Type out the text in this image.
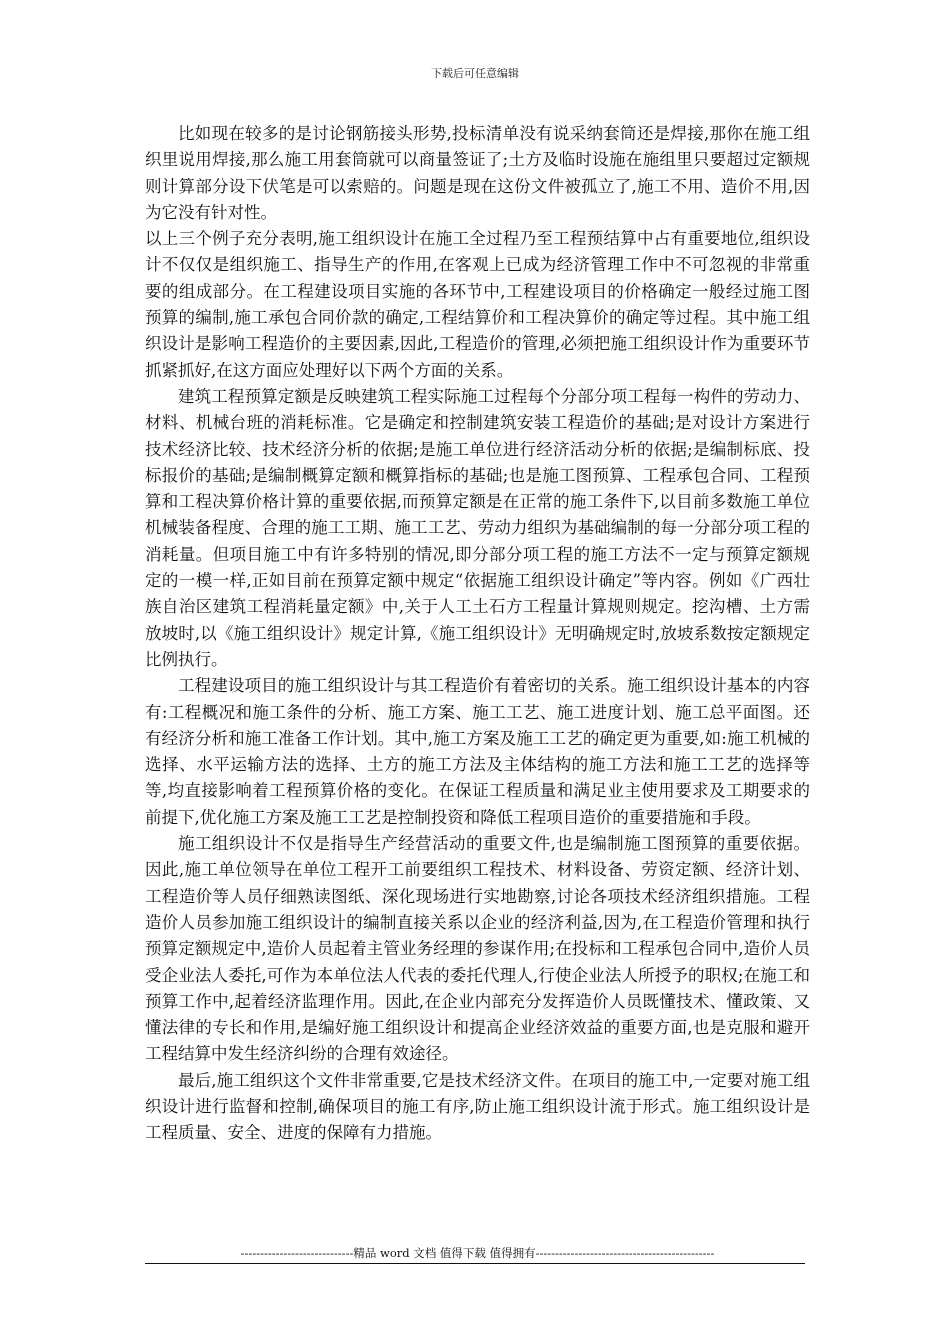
下载后可任意编辑

比如现在较多的是讨论钢筋接头形势,投标清单没有说采纳套筒还是焊接,那你在施工组织里说用焊接,那么施工用套筒就可以商量签证了;土方及临时设施在施组里只要超过定额规则计算部分设下伏笔是可以索赔的。问题是现在这份文件被孤立了,施工不用、造价不用,因为它没有针对性。

以上三个例子充分表明,施工组织设计在施工全过程乃至工程预结算中占有重要地位,组织设计不仅仅是组织施工、指导生产的作用,在客观上已成为经济管理工作中不可忽视的非常重要的组成部分。在工程建设项目实施的各环节中,工程建设项目的价格确定一般经过施工图预算的编制,施工承包合同价款的确定,工程结算价和工程决算价的确定等过程。其中施工组织设计是影响工程造价的主要因素,因此,工程造价的管理,必须把施工组织设计作为重要环节抓紧抓好,在这方面应处理好以下两个方面的关系。

建筑工程预算定额是反映建筑工程实际施工过程每个分部分项工程每一构件的劳动力、材料、机械台班的消耗标准。它是确定和控制建筑安装工程造价的基础;是对设计方案进行技术经济比较、技术经济分析的依据;是施工单位进行经济活动分析的依据;是编制标底、投标报价的基础;是编制概算定额和概算指标的基础;也是施工图预算、工程承包合同、工程预算和工程决算价格计算的重要依据,而预算定额是在正常的施工条件下,以目前多数施工单位机械装备程度、合理的施工工期、施工工艺、劳动力组织为基础编制的每一分部分项工程的消耗量。但项目施工中有许多特别的情况,即分部分项工程的施工方法不一定与预算定额规定的一模一样,正如目前在预算定额中规定“依据施工组织设计确定”等内容。例如《广西壮族自治区建筑工程消耗量定额》中,关于人工土石方工程量计算规则规定。挖沟槽、土方需放坡时,以《施工组织设计》规定计算,《施工组织设计》无明确规定时,放坡系数按定额规定比例执行。

工程建设项目的施工组织设计与其工程造价有着密切的关系。施工组织设计基本的内容有:工程概况和施工条件的分析、施工方案、施工工艺、施工进度计划、施工总平面图。还有经济分析和施工准备工作计划。其中,施工方案及施工工艺的确定更为重要,如:施工机械的选择、水平运输方法的选择、土方的施工方法及主体结构的施工方法和施工工艺的选择等等,均直接影响着工程预算价格的变化。在保证工程质量和满足业主使用要求及工期要求的前提下,优化施工方案及施工工艺是控制投资和降低工程项目造价的重要措施和手段。

施工组织设计不仅是指导生产经营活动的重要文件,也是编制施工图预算的重要依据。因此,施工单位领导在单位工程开工前要组织工程技术、材料设备、劳资定额、经济计划、工程造价等人员仔细熟读图纸、深化现场进行实地勘察,讨论各项技术经济组织措施。工程造价人员参加施工组织设计的编制直接关系以企业的经济利益,因为,在工程造价管理和执行预算定额规定中,造价人员起着主管业务经理的参谋作用;在投标和工程承包合同中,造价人员受企业法人委托,可作为本单位法人代表的委托代理人,行使企业法人所授予的职权;在施工和预算工作中,起着经济监理作用。因此,在企业内部充分发挥造价人员既懂技术、懂政策、又懂法律的专长和作用,是编好施工组织设计和提高企业经济效益的重要方面,也是克服和避开工程结算中发生经济纠纷的合理有效途径。

最后,施工组织这个文件非常重要,它是技术经济文件。在项目的施工中,一定要对施工组织设计进行监督和控制,确保项目的施工有序,防止施工组织设计流于形式。施工组织设计是工程质量、安全、进度的保障有力措施。

-----------------------------精品 word 文档 值得下载 值得拥有----------------------------------------------
